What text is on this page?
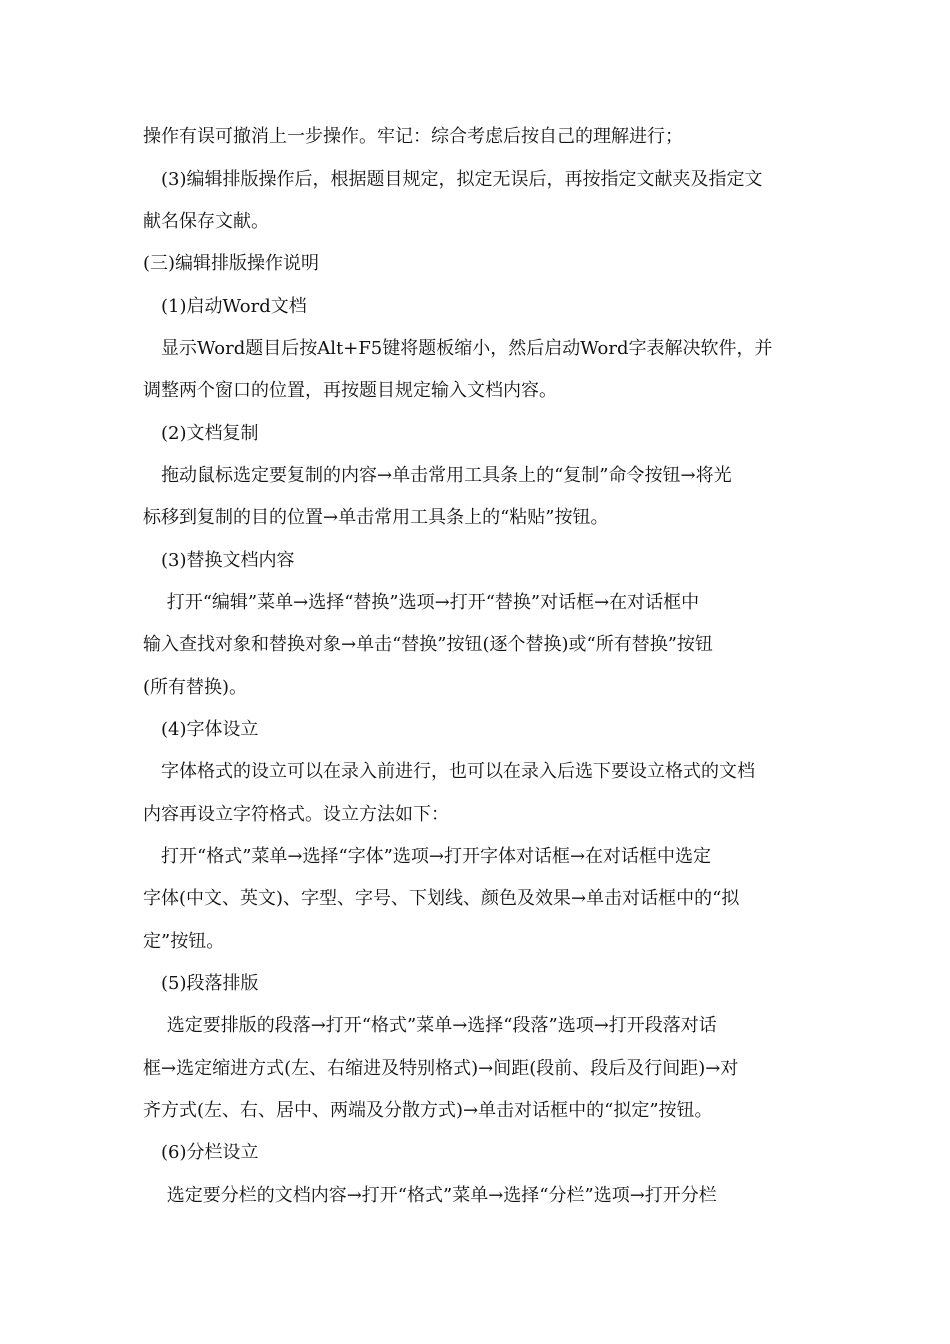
操作有误可撤消上一步操作。牢记：综合考虑后按自己的理解进行；
　(3)编辑排版操作后，根据题目规定，拟定无误后，再按指定文献夹及指定文
献名保存文献。
(三)编辑排版操作说明
　(1)启动Word文档
　显示Word题目后按Alt+F5键将题板缩小，然后启动Word字表解决软件，并
调整两个窗口的位置，再按题目规定输入文档内容。
　(2)文档复制
　拖动鼠标选定要复制的内容→单击常用工具条上的“复制”命令按钮→将光
标移到复制的目的位置→单击常用工具条上的“粘贴”按钮。
　(3)替换文档内容
　 打开“编辑”菜单→选择“替换”选项→打开“替换”对话框→在对话框中
输入查找对象和替换对象→单击“替换”按钮(逐个替换)或“所有替换”按钮
(所有替换)。
　(4)字体设立
　字体格式的设立可以在录入前进行，也可以在录入后选下要设立格式的文档
内容再设立字符格式。设立方法如下：
　打开“格式”菜单→选择“字体”选项→打开字体对话框→在对话框中选定
字体(中文、英文)、字型、字号、下划线、颜色及效果→单击对话框中的“拟
定”按钮。
　(5)段落排版
　 选定要排版的段落→打开“格式”菜单→选择“段落”选项→打开段落对话
框→选定缩进方式(左、右缩进及特别格式)→间距(段前、段后及行间距)→对
齐方式(左、右、居中、两端及分散方式)→单击对话框中的“拟定”按钮。
　(6)分栏设立
　 选定要分栏的文档内容→打开“格式”菜单→选择“分栏”选项→打开分栏
